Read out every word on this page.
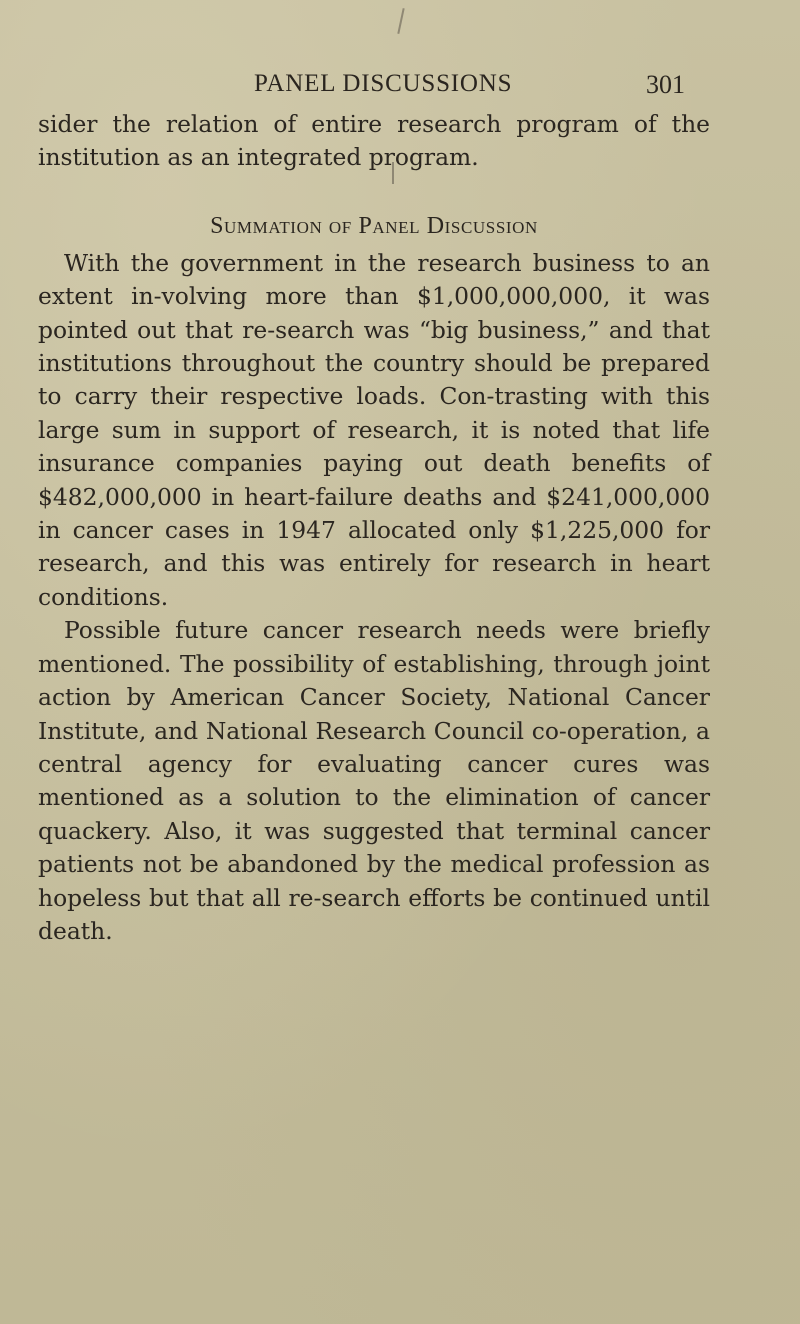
PANEL DISCUSSIONS	301

sider the relation of entire research program of the institution as an integrated program.

Summation of Panel Discussion

With the government in the research business to an extent in-volving more than $1,000,000,000, it was pointed out that re-search was “big business,” and that institutions throughout the country should be prepared to carry their respective loads. Con-trasting with this large sum in support of research, it is noted that life insurance companies paying out death benefits of $482,000,000 in heart-failure deaths and $241,000,000 in cancer cases in 1947 allocated only $1,225,000 for research, and this was entirely for research in heart conditions.

Possible future cancer research needs were briefly mentioned. The possibility of establishing, through joint action by American Cancer Society, National Cancer Institute, and National Research Council co-operation, a central agency for evaluating cancer cures was mentioned as a solution to the elimination of cancer quackery. Also, it was suggested that terminal cancer patients not be abandoned by the medical profession as hopeless but that all re-search efforts be continued until death.
